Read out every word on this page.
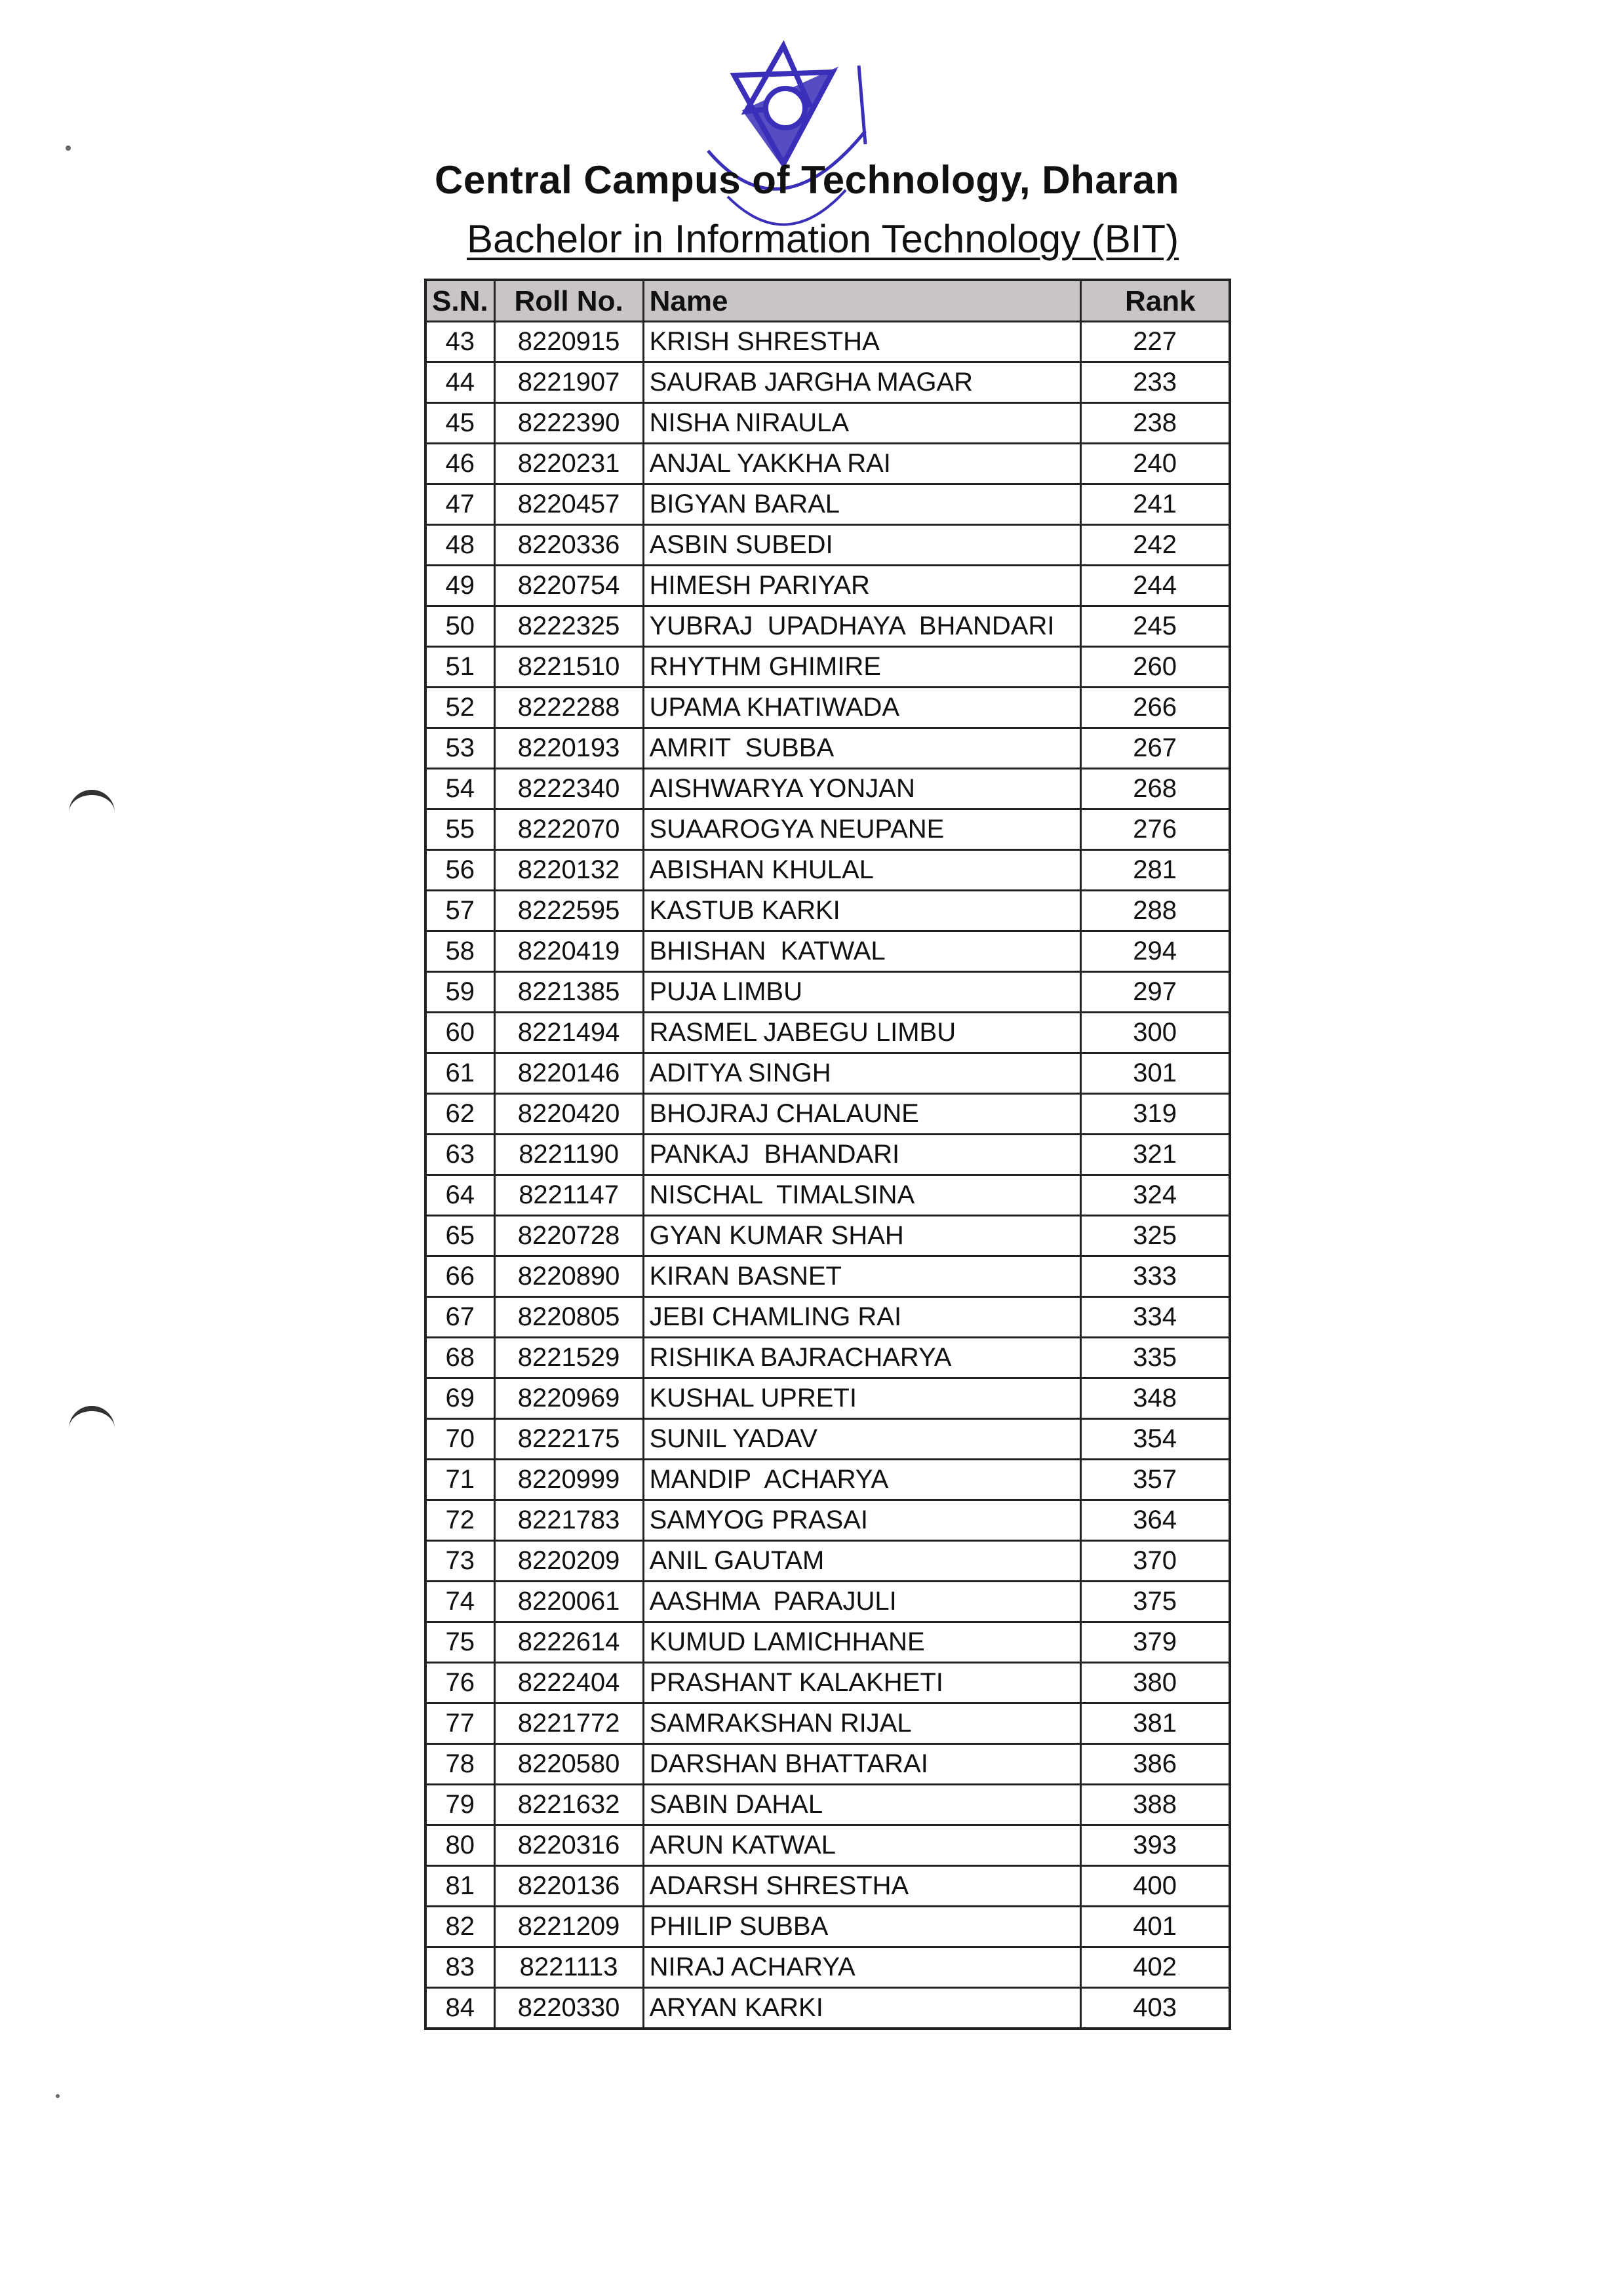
Central Campus of Technology, Dharan
Bachelor in Information Technology (BIT)
S.N.	Roll No.	Name	Rank
43	8220915	KRISH SHRESTHA	227
44	8221907	SAURAB JARGHA MAGAR	233
45	8222390	NISHA NIRAULA	238
46	8220231	ANJAL YAKKHA RAI	240
47	8220457	BIGYAN BARAL	241
48	8220336	ASBIN SUBEDI	242
49	8220754	HIMESH PARIYAR	244
50	8222325	YUBRAJ  UPADHAYA  BHANDARI	245
51	8221510	RHYTHM GHIMIRE	260
52	8222288	UPAMA KHATIWADA	266
53	8220193	AMRIT  SUBBA	267
54	8222340	AISHWARYA YONJAN	268
55	8222070	SUAAROGYA NEUPANE	276
56	8220132	ABISHAN KHULAL	281
57	8222595	KASTUB KARKI	288
58	8220419	BHISHAN  KATWAL	294
59	8221385	PUJA LIMBU	297
60	8221494	RASMEL JABEGU LIMBU	300
61	8220146	ADITYA SINGH	301
62	8220420	BHOJRAJ CHALAUNE	319
63	8221190	PANKAJ  BHANDARI	321
64	8221147	NISCHAL  TIMALSINA	324
65	8220728	GYAN KUMAR SHAH	325
66	8220890	KIRAN BASNET	333
67	8220805	JEBI CHAMLING RAI	334
68	8221529	RISHIKA BAJRACHARYA	335
69	8220969	KUSHAL UPRETI	348
70	8222175	SUNIL YADAV	354
71	8220999	MANDIP  ACHARYA	357
72	8221783	SAMYOG PRASAI	364
73	8220209	ANIL GAUTAM	370
74	8220061	AASHMA  PARAJULI	375
75	8222614	KUMUD LAMICHHANE	379
76	8222404	PRASHANT KALAKHETI	380
77	8221772	SAMRAKSHAN RIJAL	381
78	8220580	DARSHAN BHATTARAI	386
79	8221632	SABIN DAHAL	388
80	8220316	ARUN KATWAL	393
81	8220136	ADARSH SHRESTHA	400
82	8221209	PHILIP SUBBA	401
83	8221113	NIRAJ ACHARYA	402
84	8220330	ARYAN KARKI	403
